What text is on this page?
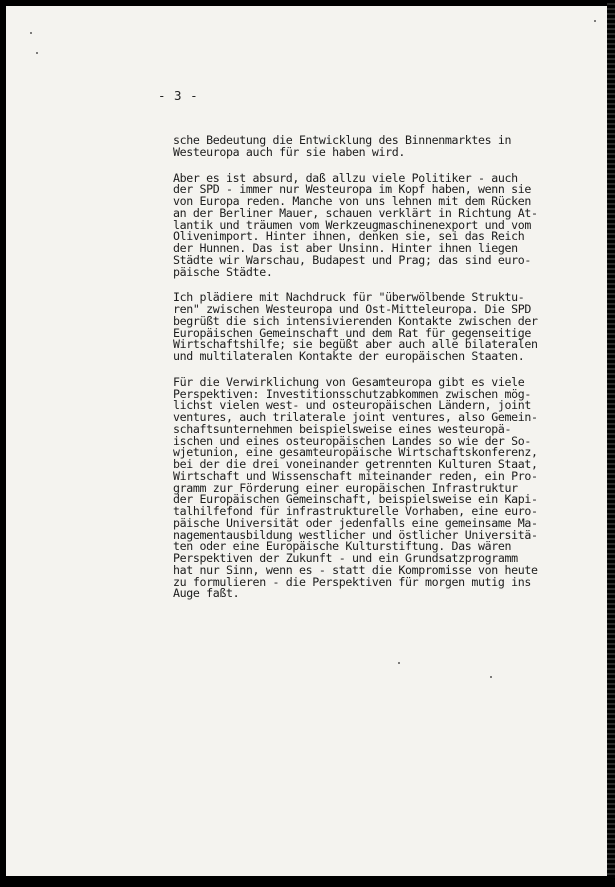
- 3 -

sche Bedeutung die Entwicklung des Binnenmarktes in
Westeuropa auch für sie haben wird.

Aber es ist absurd, daß allzu viele Politiker - auch
der SPD - immer nur Westeuropa im Kopf haben, wenn sie
von Europa reden. Manche von uns lehnen mit dem Rücken
an der Berliner Mauer, schauen verklärt in Richtung At-
lantik und träumen vom Werkzeugmaschinenexport und vom
Olivenimport. Hinter ihnen, denken sie, sei das Reich
der Hunnen. Das ist aber Unsinn. Hinter ihnen liegen
Städte wir Warschau, Budapest und Prag; das sind euro-
päische Städte.

Ich plädiere mit Nachdruck für "überwölbende Struktu-
ren" zwischen Westeuropa und Ost-Mitteleuropa. Die SPD
begrüßt die sich intensivierenden Kontakte zwischen der
Europäischen Gemeinschaft und dem Rat für gegenseitige
Wirtschaftshilfe; sie begüßt aber auch alle bilateralen
und multilateralen Kontakte der europäischen Staaten.

Für die Verwirklichung von Gesamteuropa gibt es viele
Perspektiven: Investitionsschutzabkommen zwischen mög-
lichst vielen west- und osteuropäischen Ländern, joint
ventures, auch trilaterale joint ventures, also Gemein-
schaftsunternehmen beispielsweise eines westeuropä-
ischen und eines osteuropäischen Landes so wie der So-
wjetunion, eine gesamteuropäische Wirtschaftskonferenz,
bei der die drei voneinander getrennten Kulturen Staat,
Wirtschaft und Wissenschaft miteinander reden, ein Pro-
gramm zur Förderung einer europäischen Infrastruktur
der Europäischen Gemeinschaft, beispielsweise ein Kapi-
talhilfefond für infrastrukturelle Vorhaben, eine euro-
päische Universität oder jedenfalls eine gemeinsame Ma-
nagementausbildung westlicher und östlicher Universitä-
ten oder eine Europäische Kulturstiftung. Das wären
Perspektiven der Zukunft - und ein Grundsatzprogramm
hat nur Sinn, wenn es - statt die Kompromisse von heute
zu formulieren - die Perspektiven für morgen mutig ins
Auge faßt.
